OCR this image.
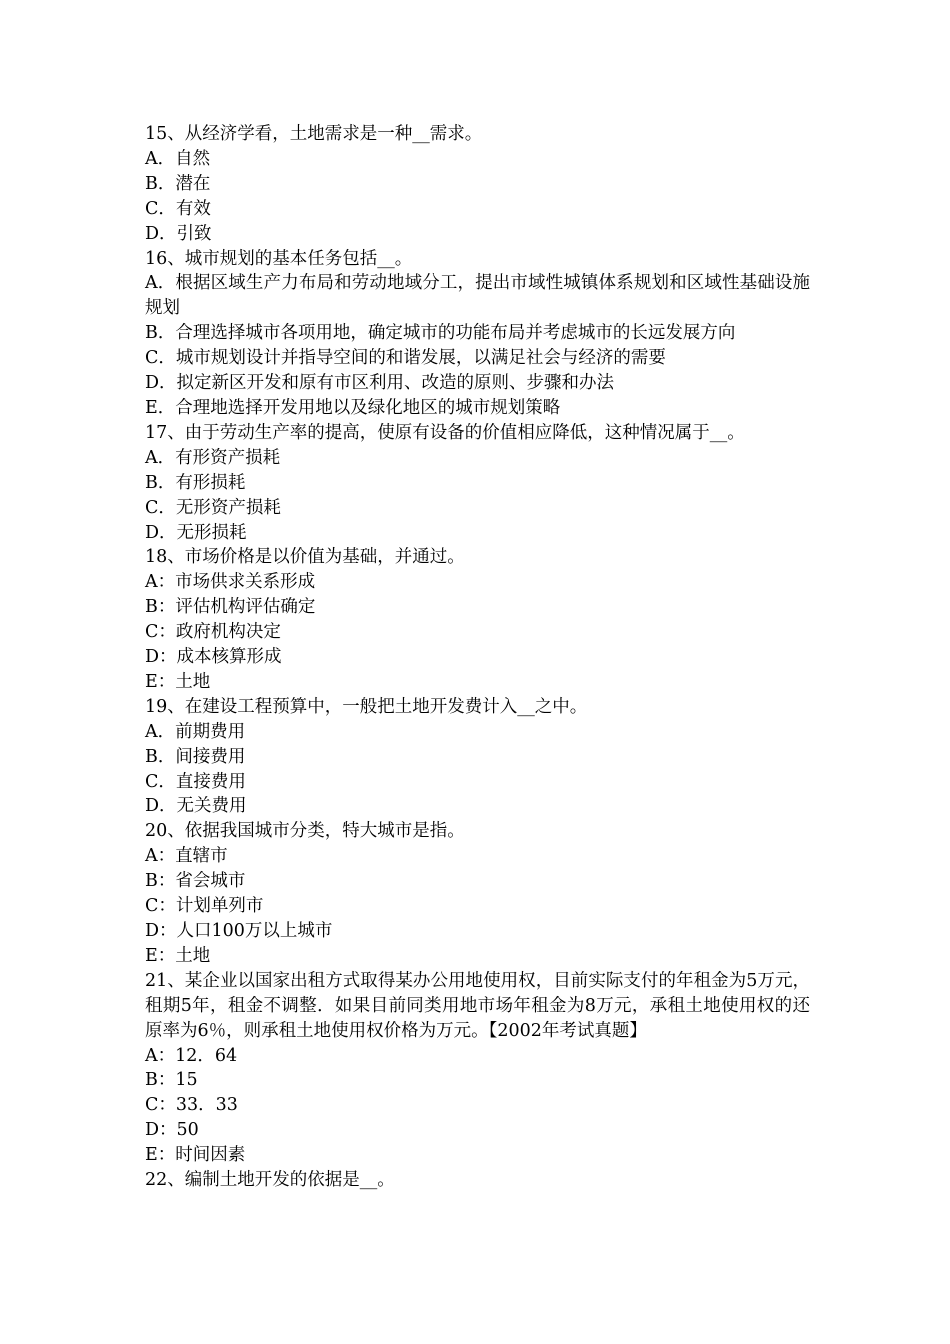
15、从经济学看，土地需求是一种__需求。

A．自然

B．潜在

C．有效

D．引致

16、城市规划的基本任务包括__。

A．根据区域生产力布局和劳动地域分工，提出市域性城镇体系规划和区域性基础设施规划

B．合理选择城市各项用地，确定城市的功能布局并考虑城市的长远发展方向

C．城市规划设计并指导空间的和谐发展，以满足社会与经济的需要

D．拟定新区开发和原有市区利用、改造的原则、步骤和办法

E．合理地选择开发用地以及绿化地区的城市规划策略

17、由于劳动生产率的提高，使原有设备的价值相应降低，这种情况属于__。

A．有形资产损耗

B．有形损耗

C．无形资产损耗

D．无形损耗

18、市场价格是以价值为基础，并通过。

A：市场供求关系形成

B：评估机构评估确定

C：政府机构决定

D：成本核算形成

E：土地

19、在建设工程预算中，一般把土地开发费计入__之中。

A．前期费用

B．间接费用

C．直接费用

D．无关费用

20、依据我国城市分类，特大城市是指。

A：直辖市

B：省会城市

C：计划单列市

D：人口100万以上城市

E：土地

21、某企业以国家出租方式取得某办公用地使用权，目前实际支付的年租金为5万元，租期5年，租金不调整．如果目前同类用地市场年租金为8万元，承租土地使用权的还原率为6％，则承租土地使用权价格为万元。【2002年考试真题】

A：12．64

B：15

C：33．33

D：50

E：时间因素

22、编制土地开发的依据是__。
